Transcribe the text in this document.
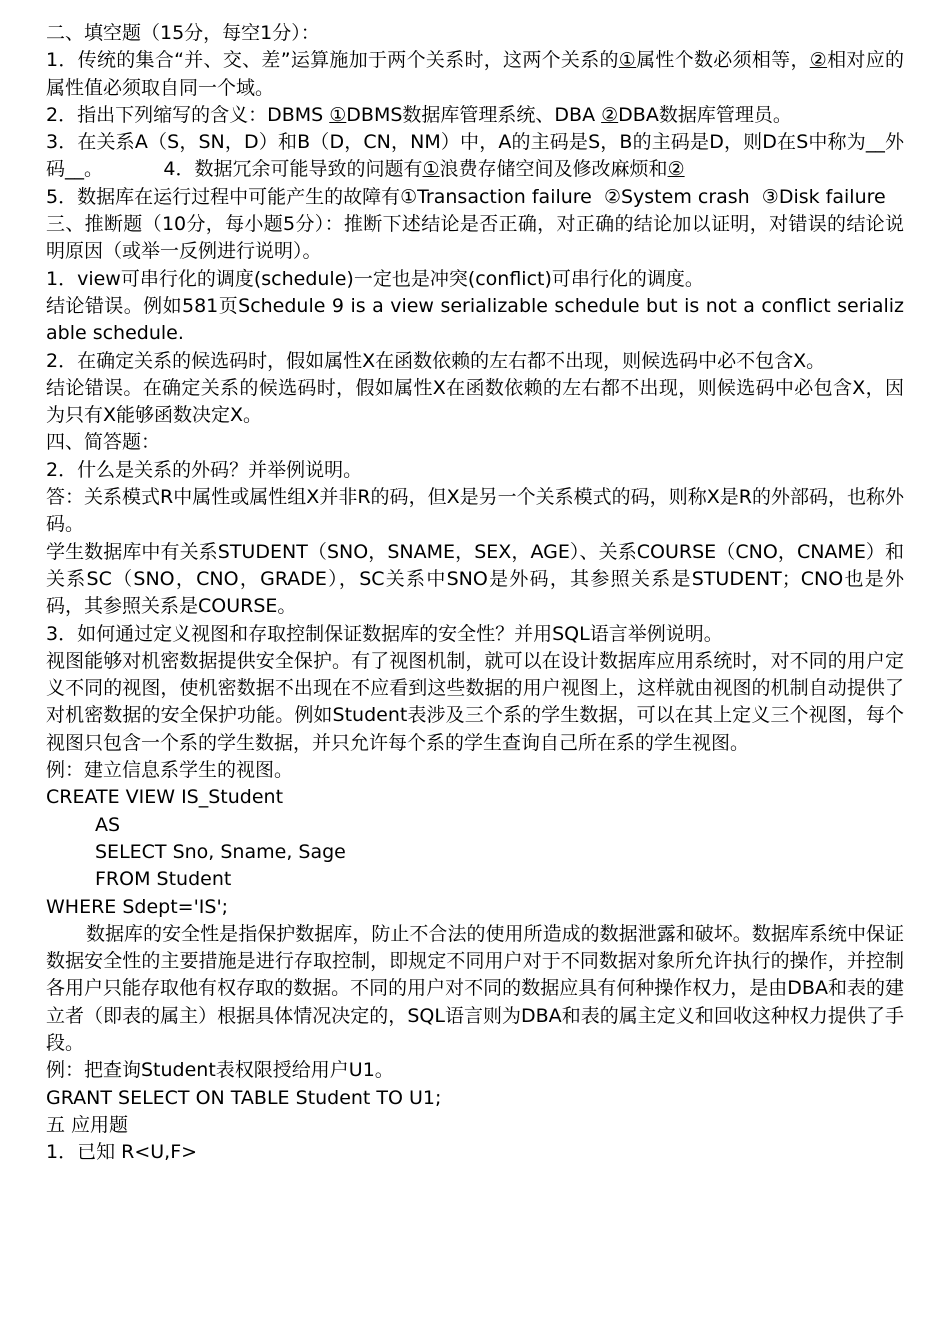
二、填空题（15分，每空1分）：

1．传统的集合“并、交、差”运算施加于两个关系时，这两个关系的①属性个数必须相等，②相对应的属性值必须取自同一个域。

2．指出下列缩写的含义：DBMS ①DBMS数据库管理系统、DBA ②DBA数据库管理员。

3．在关系A（S，SN，D）和B（D，CN，NM）中，A的主码是S，B的主码是D，则D在S中称为__外码__。          4．数据冗余可能导致的问题有①浪费存储空间及修改麻烦和②

5．数据库在运行过程中可能产生的故障有①Transaction failure  ②System crash  ③Disk failure

三、推断题（10分，每小题5分）：推断下述结论是否正确，对正确的结论加以证明，对错误的结论说明原因（或举一反例进行说明）。

1．view可串行化的调度(schedule)一定也是冲突(conflict)可串行化的调度。

结论错误。例如581页Schedule 9 is a view serializable schedule but is not a conflict serializable schedule.

2．在确定关系的候选码时，假如属性X在函数依赖的左右都不出现，则候选码中必不包含X。

结论错误。在确定关系的候选码时，假如属性X在函数依赖的左右都不出现，则候选码中必包含X，因为只有X能够函数决定X。

四、简答题：

2．什么是关系的外码？并举例说明。

答：关系模式R中属性或属性组X并非R的码，但X是另一个关系模式的码，则称X是R的外部码，也称外码。

学生数据库中有关系STUDENT（SNO，SNAME，SEX，AGE）、关系COURSE（CNO，CNAME）和关系SC（SNO，CNO，GRADE），SC关系中SNO是外码，其参照关系是STUDENT；CNO也是外码，其参照关系是COURSE。

3．如何通过定义视图和存取控制保证数据库的安全性？并用SQL语言举例说明。

视图能够对机密数据提供安全保护。有了视图机制，就可以在设计数据库应用系统时，对不同的用户定义不同的视图，使机密数据不出现在不应看到这些数据的用户视图上，这样就由视图的机制自动提供了对机密数据的安全保护功能。例如Student表涉及三个系的学生数据，可以在其上定义三个视图，每个视图只包含一个系的学生数据，并只允许每个系的学生查询自己所在系的学生视图。

例：建立信息系学生的视图。

CREATE VIEW IS_Student

AS

SELECT Sno, Sname, Sage

FROM Student

WHERE Sdept='IS';

数据库的安全性是指保护数据库，防止不合法的使用所造成的数据泄露和破坏。数据库系统中保证数据安全性的主要措施是进行存取控制，即规定不同用户对于不同数据对象所允许执行的操作，并控制各用户只能存取他有权存取的数据。不同的用户对不同的数据应具有何种操作权力，是由DBA和表的建立者（即表的属主）根据具体情况决定的，SQL语言则为DBA和表的属主定义和回收这种权力提供了手段。

例：把查询Student表权限授给用户U1。

GRANT SELECT ON TABLE Student TO U1;

五 应用题

1．已知 R<U,F>
